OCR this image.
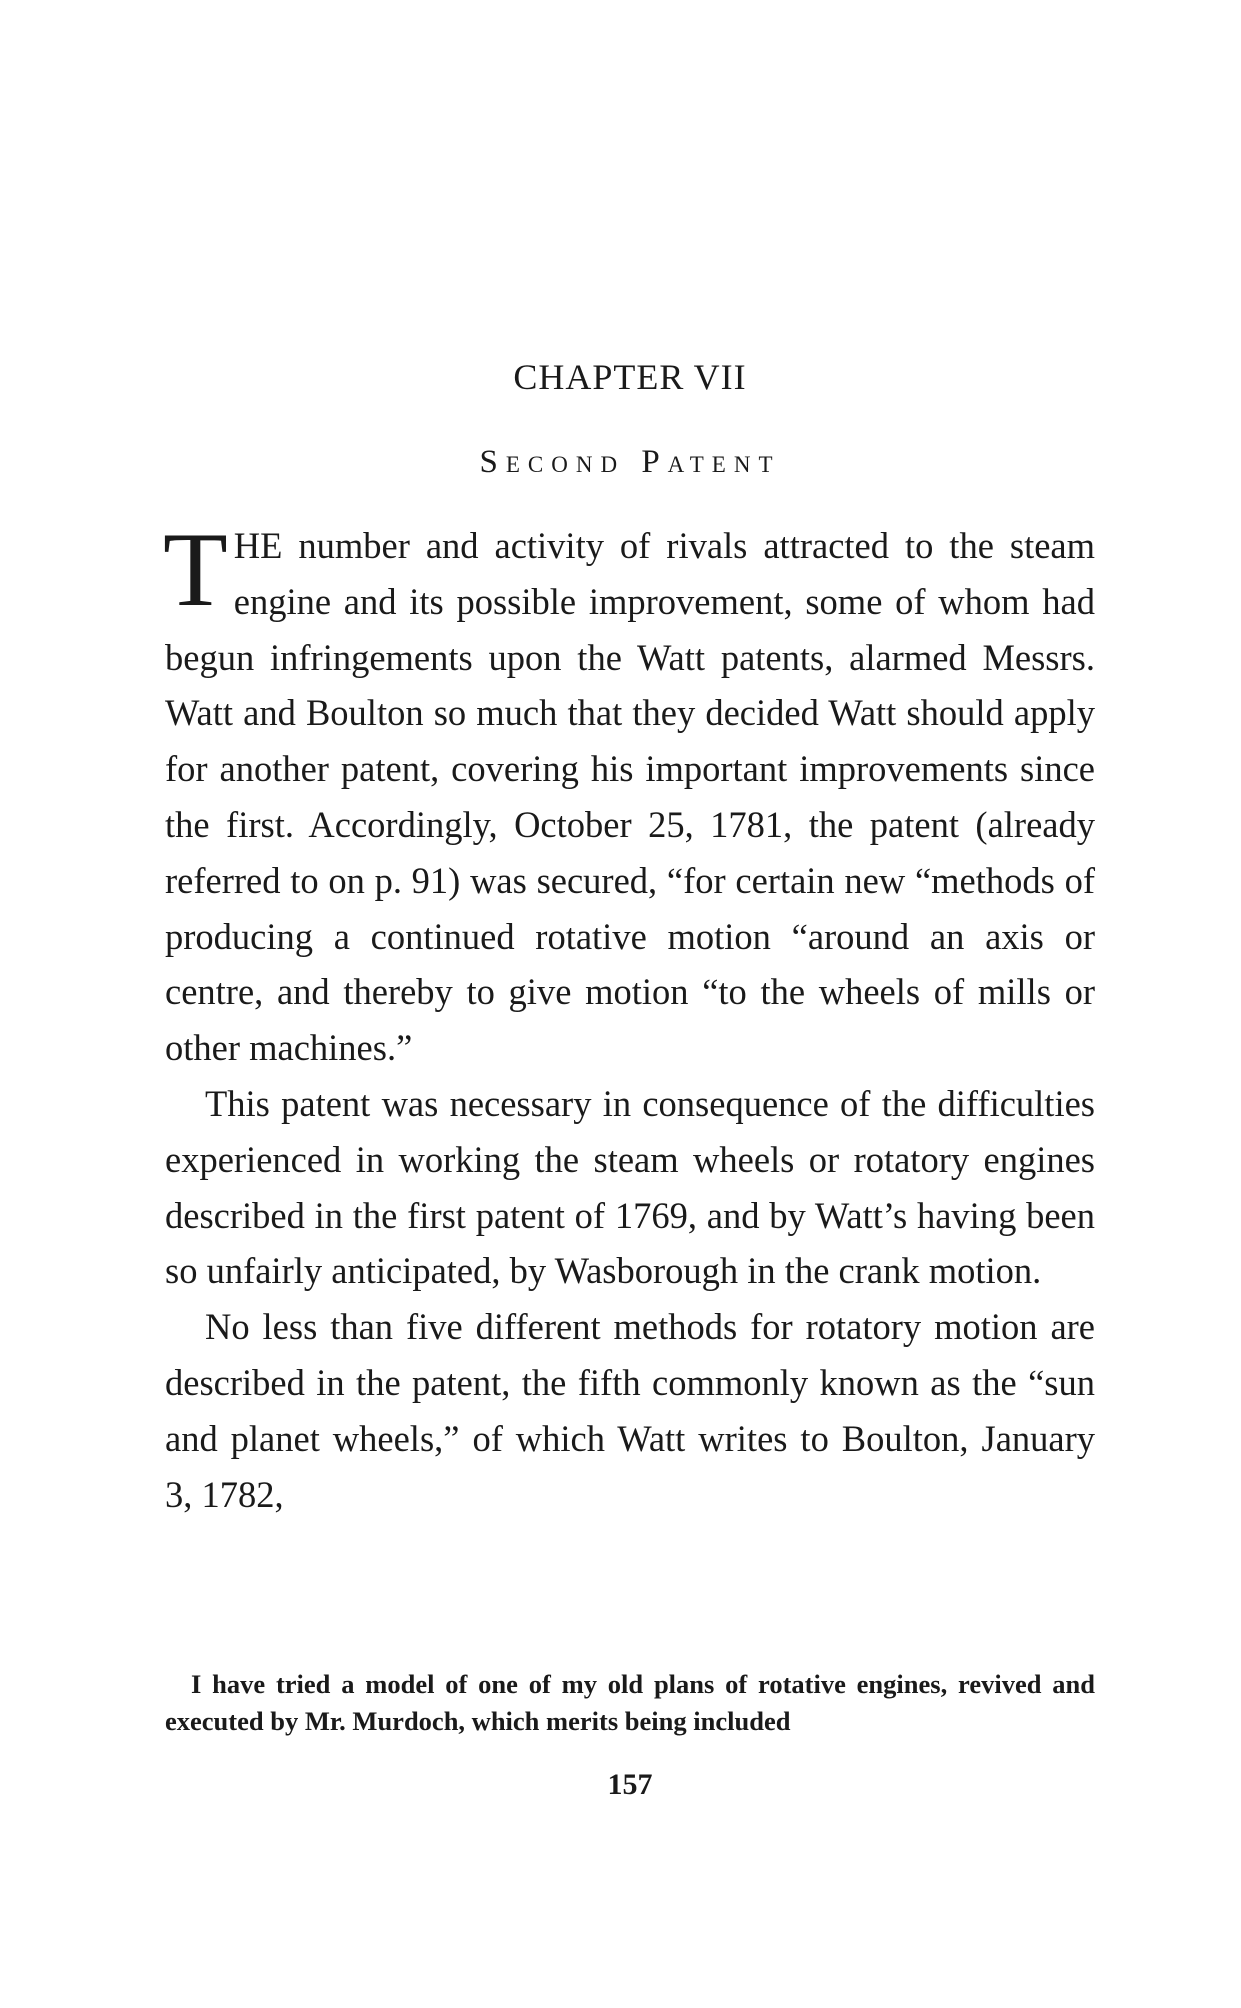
CHAPTER VII
Second Patent

THE number and activity of rivals attracted to the steam engine and its possible improvement, some of whom had begun infringements upon the Watt patents, alarmed Messrs. Watt and Boulton so much that they decided Watt should apply for another patent, covering his important improvements since the first. Accordingly, October 25, 1781, the patent (already referred to on p. 91) was secured, “for certain new “methods of producing a continued rotative motion “around an axis or centre, and thereby to give motion “to the wheels of mills or other machines.”

This patent was necessary in consequence of the difficulties experienced in working the steam wheels or rotatory engines described in the first patent of 1769, and by Watt’s having been so unfairly anticipated, by Wasborough in the crank motion.

No less than five different methods for rotatory motion are described in the patent, the fifth commonly known as the “sun and planet wheels,” of which Watt writes to Boulton, January 3, 1782,

I have tried a model of one of my old plans of rotative engines, revived and executed by Mr. Murdoch, which merits being included

157
